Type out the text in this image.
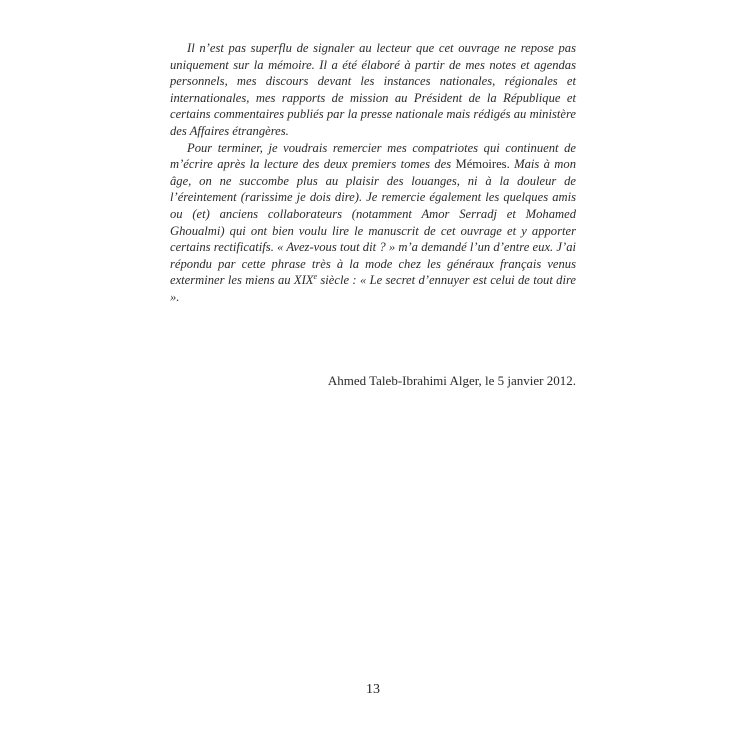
Il n’est pas superflu de signaler au lecteur que cet ouvrage ne repose pas uniquement sur la mémoire. Il a été élaboré à partir de mes notes et agendas personnels, mes discours devant les instances nationales, régionales et internationales, mes rapports de mission au Président de la République et certains commentaires publiés par la presse nationale mais rédigés au ministère des Affaires étrangères.

Pour terminer, je voudrais remercier mes compatriotes qui continuent de m’écrire après la lecture des deux premiers tomes des Mémoires. Mais à mon âge, on ne succombe plus au plaisir des louanges, ni à la douleur de l’éreintement (rarissime je dois dire). Je remercie également les quelques amis ou (et) anciens collaborateurs (notamment Amor Serradj et Mohamed Ghoualmi) qui ont bien voulu lire le manuscrit de cet ouvrage et y apporter certains rectificatifs. « Avez-vous tout dit ? » m’a demandé l’un d’entre eux. J’ai répondu par cette phrase très à la mode chez les généraux français venus exterminer les miens au XIXe siècle : « Le secret d’ennuyer est celui de tout dire ».

Ahmed Taleb-Ibrahimi Alger, le 5 janvier 2012.
13
